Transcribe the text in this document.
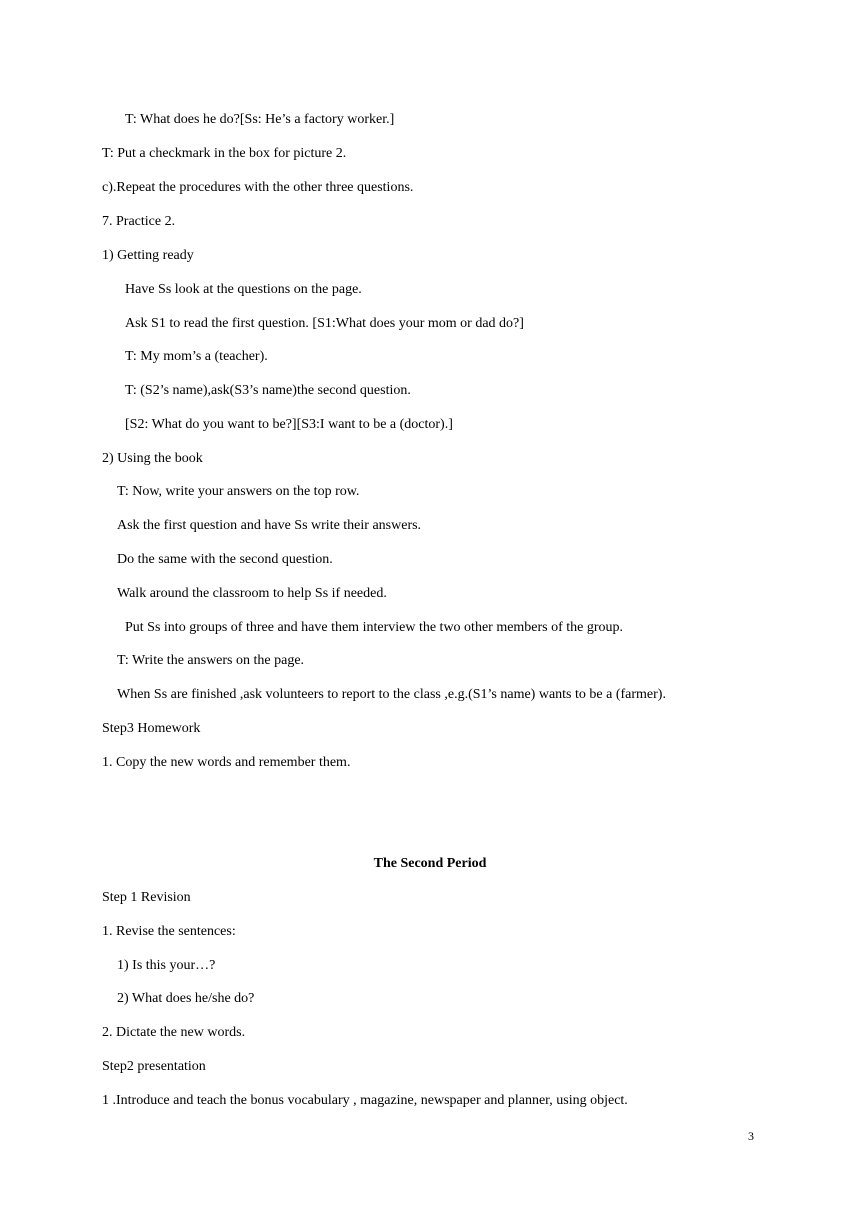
T: What does he do?[Ss: He’s a factory worker.]
T: Put a checkmark in the box for picture 2.
c).Repeat the procedures with the other three questions.
7. Practice 2.
1) Getting ready
Have Ss look at the questions on the page.
Ask S1 to read the first question. [S1:What does your mom or dad do?]
T: My mom’s a (teacher).
T: (S2’s name),ask(S3’s name)the second question.
[S2: What do you want to be?][S3:I want to be a (doctor).]
2) Using the book
T: Now, write your answers on the top row.
Ask the first question and have Ss write their answers.
Do the same with the second question.
Walk around the classroom to help Ss if needed.
Put Ss into groups of three and have them interview the two other members of the group.
T: Write the answers on the page.
When Ss are finished ,ask volunteers to report to the class ,e.g.(S1’s name) wants to be a (farmer).
Step3 Homework
1. Copy the new words and remember them.
The Second Period
Step 1 Revision
1. Revise the sentences:
1) Is this your…?
2) What does he/she do?
2. Dictate the new words.
Step2 presentation
1 .Introduce and teach the bonus vocabulary , magazine, newspaper and planner, using object.
3
